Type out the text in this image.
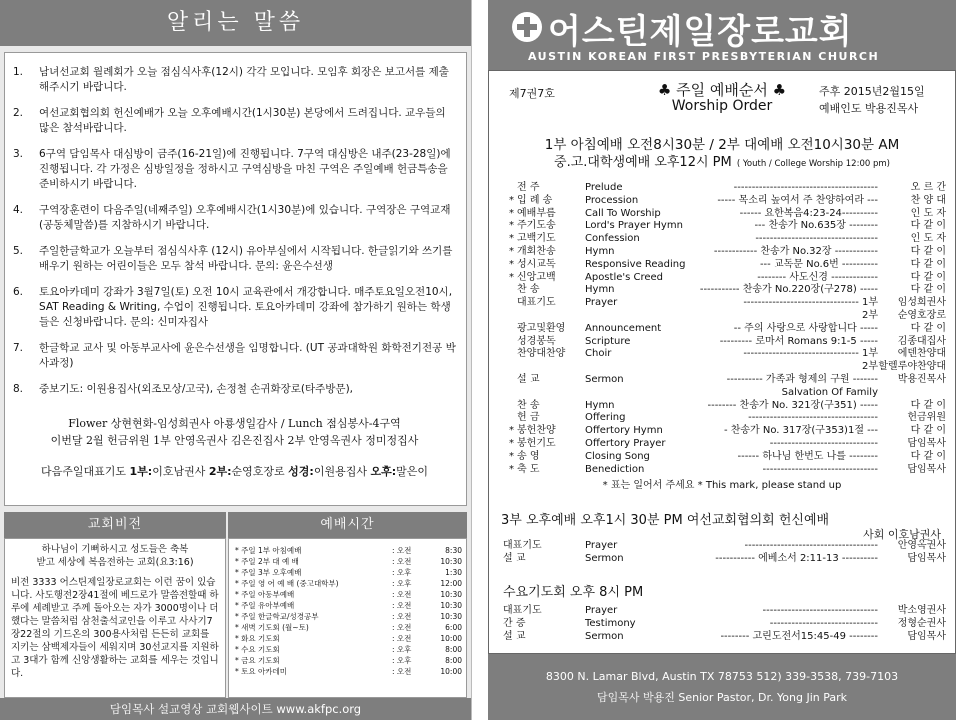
알리는 말씀
1.	남녀선교회 월례회가 오늘 점심식사후(12시) 각각 모입니다. 모임후 회장은 보고서를 제출해주시기 바랍니다.
2.	여선교회협의회 헌신예배가 오늘 오후예배시간(1시30분) 본당에서 드려집니다. 교우들의 많은 참석바랍니다.
3.	6구역 담임목사 대심방이 금주(16-21일)에 진행됩니다. 7구역 대심방은 내주(23-28일)에 진행됩니다. 각 가정은 심방일정을 정하시고 구역심방을 마친 구역은 주일예배 헌금특송을 준비하시기 바랍니다.
4.	구역장훈련이 다음주일(네째주일) 오후예배시간(1시30분)에 있습니다. 구역장은 구역교재(공동체말씀)를 지참하시기 바랍니다.
5.	주일한글학교가 오늘부터 점심식사후 (12시) 유아부실에서 시작됩니다. 한글읽기와 쓰기를 배우기 원하는 어린이들은 모두 참석 바랍니다. 문의: 윤은수선생
6.	토요아카데미 강좌가 3월7일(토) 오전 10시 교육관에서 개강합니다. 매주토요일오전10시, SAT Reading & Writing, 수업이 진행됩니다. 토요아카데미 강좌에 참가하기 원하는 학생들은 신청바랍니다. 문의: 신미자집사
7.	한글학교 교사 및 아동부교사에 윤은수선생을 임명합니다. (UT 공과대학원 화학전기전공 박사과정)
8.	중보기도: 이원용집사(외조모상/고국), 손정철 손귀화장로(타주방문),
Flower 상현현화-임성희권사 아룡생일감사 / Lunch 점심봉사-4구역
이번달 2월 헌금위원 1부 안영옥권사 김은진집사 2부 안영옥권사 정미정집사
다음주일대표기도 1부:이호남권사 2부:순영호장로 성경:이원용집사 오후:말은이
교회비전	예배시간
하나님이 기뻐하시고 성도들은 축복
받고 세상에 복음전하는 교회(요3:16)
비전 3333 어스틴제일장로교회는 이런 꿈이 있습니다. 사도행전2장41절에 베드로가 말씀전할때 하루에 세례받고 주께 돌아오는 자가 3000명이나 더했다는 말씀처럼 삼천출석교인을 이루고 사사기7장22절의 기드온의 300용사처럼 든든히 교회를 지키는 삼백제자들이 세워지며 30선교지를 지원하고 3대가 함께 신앙생활하는 교회를 세우는 것입니다.
* 주일 1부 아침예배	: 오전	8:30
* 주일 2부 대 예 배	: 오전	10:30
* 주일 3부 오후예배	: 오후	1:30
* 주일 영 어 예 배 (중고대학부)	: 오후	12:00
* 주일 아동부예배	: 오전	10:30
* 주일 유아부예배	: 오전	10:30
* 주일 한글학교/성경공부	: 오전	10:30
* 새벽 기도회 (월~토)	: 오전	6:00
* 화요 기도회	: 오전	10:00
* 수요 기도회	: 오후	8:00
* 금요 기도회	: 오후	8:00
* 토요 아카데미	: 오전	10:00
담임목사 설교영상 교회웹사이트 www.akfpc.org
어스틴제일장로교회
AUSTIN KOREAN FIRST PRESBYTERIAN CHURCH
제7권7호	♣ 주일 예배순서 ♣
Worship Order
주후 2015년2월15일
예배인도 박용진목사
1부 아침예배 오전8시30분 / 2부 대예배 오전10시30분 AM
중.고.대학생예배 오후12시 PM ( Youth / College Worship 12:00 pm)
전 주	Prelude	----------------------------------------	오 르 간
* 입 례 송	Procession	----- 목소리 높여서 주 찬양하여라 ---	찬 양 대
* 예배부름	Call To Worship	------ 요한복음4:23-24----------	인 도 자
* 주기도송	Lord's Prayer Hymn	--- 찬송가 No.635장 --------	다 같 이
* 고백기도	Confession	----------------------------------	인 도 자
* 개회찬송	Hymn	------------ 찬송가 No.32장 ------------	다 같 이
* 성시교독	Responsive Reading	--- 교독문 No.6번 ----------	다 같 이
* 신앙고백	Apostle's Creed	-------- 사도신경 -------------	다 같 이
찬 송	Hymn	----------- 찬송가 No.220장(구278) -----	다 같 이
대표기도	Prayer	-------------------------------- 1부 임성희권사
2부 순영호장로
광고및환영 Announcement	-- 주의 사랑으로 사랑합니다 -----	다 같 이
성경봉독	Scripture	--------- 로마서 Romans 9:1-5 ----- 김종대집사
찬양대찬양 Choir	-------------------------------- 1부 에덴찬양대
2부 할렐루야찬양대
설 교	Sermon	---------- 가족과 형제의 구원 ------- 박용진목사
Salvation Of Family
찬 송	Hymn	-------- 찬송가 No. 321장(구351) -----	다 같 이
헌 금	Offering	------------------------------------	헌금위원
* 봉헌찬양	Offertory Hymn	- 찬송가 No. 317장(구353)1절 ---	다 같 이
* 봉헌기도	Offertory Prayer	------------------------------	담임목사
* 송 영	Closing Song	------ 하나님 한번도 나를 --------	다 같 이
* 축 도	Benediction	--------------------------------	담임목사
* 표는 일어서 주세요 * This mark, please stand up
3부 오후예배 오후1시 30분 PM 여선교회협의회 헌신예배
사회 이호남권사
대표기도	Prayer	------------------------------------- 안영옥권사
설 교	Sermon	----------- 에베소서 2:11-13 ----------	담임목사
수요기도회 오후 8시 PM
대표기도	Prayer	-------------------------------- 박소영권사
간 증	Testimony	------------------------------ 정형순권사
설 교	Sermon	-------- 고린도전서15:45-49 --------	담임목사
8300 N. Lamar Blvd, Austin TX 78753 512) 339-3538, 739-7103
담임목사 박용진 Senior Pastor, Dr. Yong Jin Park
